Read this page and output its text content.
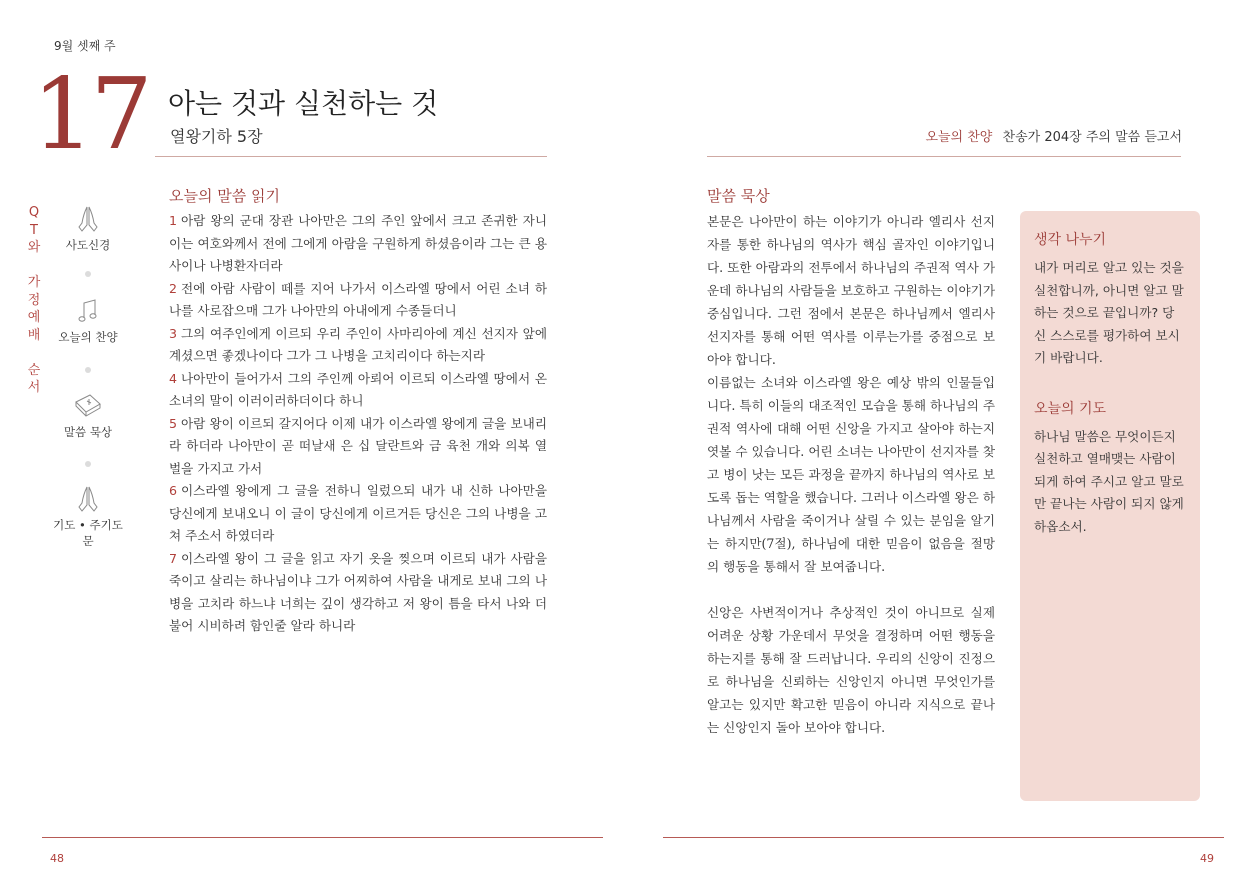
9월 셋째 주
17 아는 것과 실천하는 것
열왕기하 5장	오늘의 찬양 찬송가 204장 주의 말씀 듣고서
Q
T
와
가
정
예
배
순
서
사도신경
오늘의 찬양
말씀 묵상
기도 • 주기도문
오늘의 말씀 읽기

1 아람 왕의 군대 장관 나아만은 그의 주인 앞에서 크고 존귀한 자니 이는 여호와께서 전에 그에게 아람을 구원하게 하셨음이라 그는 큰 용사이나 나병환자더라

2 전에 아람 사람이 떼를 지어 나가서 이스라엘 땅에서 어린 소녀 하나를 사로잡으매 그가 나아만의 아내에게 수종들더니

3 그의 여주인에게 이르되 우리 주인이 사마리아에 계신 선지자 앞에 계셨으면 좋겠나이다 그가 그 나병을 고치리이다 하는지라

4 나아만이 들어가서 그의 주인께 아뢰어 이르되 이스라엘 땅에서 온 소녀의 말이 이러이러하더이다 하니

5 아람 왕이 이르되 갈지어다 이제 내가 이스라엘 왕에게 글을 보내리라 하더라 나아만이 곧 떠날새 은 십 달란트와 금 육천 개와 의복 열 벌을 가지고 가서

6 이스라엘 왕에게 그 글을 전하니 일렀으되 내가 내 신하 나아만을 당신에게 보내오니 이 글이 당신에게 이르거든 당신은 그의 나병을 고쳐 주소서 하였더라

7 이스라엘 왕이 그 글을 읽고 자기 옷을 찢으며 이르되 내가 사람을 죽이고 살리는 하나님이냐 그가 어찌하여 사람을 내게로 보내 그의 나병을 고치라 하느냐 너희는 깊이 생각하고 저 왕이 틈을 타서 나와 더불어 시비하려 함인줄 알라 하니라

말씀 묵상

본문은 나아만이 하는 이야기가 아니라 엘리사 선지자를 통한 하나님의 역사가 핵심 골자인 이야기입니다. 또한 아람과의 전투에서 하나님의 주권적 역사 가운데 하나님의 사람들을 보호하고 구원하는 이야기가 중심입니다. 그런 점에서 본문은 하나님께서 엘리사 선지자를 통해 어떤 역사를 이루는가를 중점으로 보아야 합니다.

이름없는 소녀와 이스라엘 왕은 예상 밖의 인물들입니다. 특히 이들의 대조적인 모습을 통해 하나님의 주권적 역사에 대해 어떤 신앙을 가지고 살아야 하는지 엿볼 수 있습니다. 어린 소녀는 나아만이 선지자를 찾고 병이 낫는 모든 과정을 끝까지 하나님의 역사로 보도록 돕는 역할을 했습니다. 그러나 이스라엘 왕은 하나님께서 사람을 죽이거나 살릴 수 있는 분임을 알기는 하지만(7절), 하나님에 대한 믿음이 없음을 절망의 행동을 통해서 잘 보여줍니다.

신앙은 사변적이거나 추상적인 것이 아니므로 실제 어려운 상황 가운데서 무엇을 결정하며 어떤 행동을 하는지를 통해 잘 드러납니다. 우리의 신앙이 진정으로 하나님을 신뢰하는 신앙인지 아니면 무엇인가를 알고는 있지만 확고한 믿음이 아니라 지식으로 끝나는 신앙인지 돌아 보아야 합니다.

생각 나누기

내가 머리로 알고 있는 것을 실천합니까, 아니면 알고 말하는 것으로 끝입니까? 당신 스스로를 평가하여 보시기 바랍니다.

오늘의 기도

하나님 말씀은 무엇이든지 실천하고 열매맺는 사람이 되게 하여 주시고 알고 말로만 끝나는 사람이 되지 않게 하옵소서.

48	49
